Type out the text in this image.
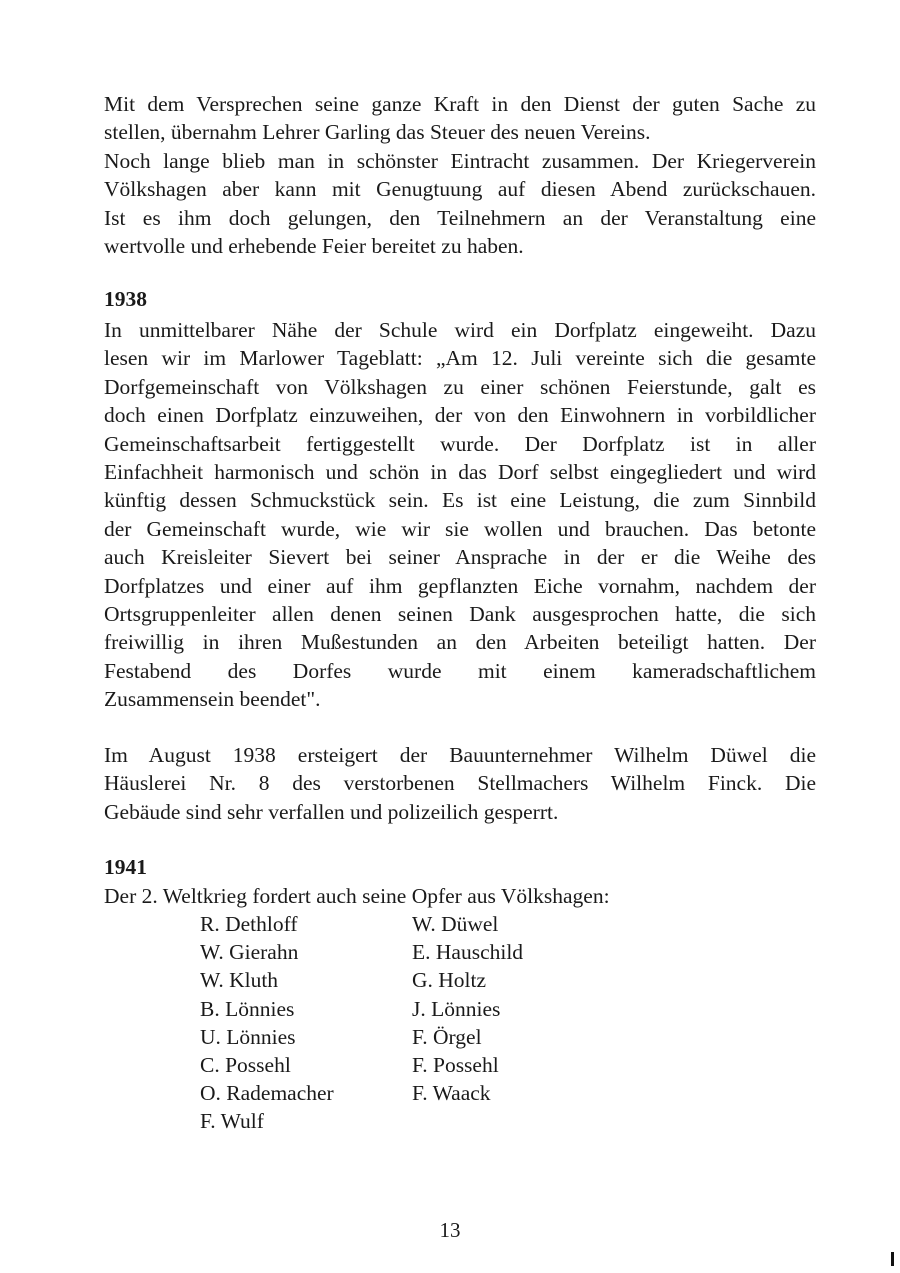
Mit dem Versprechen seine ganze Kraft in den Dienst der guten Sache zu
stellen, übernahm Lehrer Garling das Steuer des neuen Vereins.
Noch lange blieb man in schönster Eintracht zusammen. Der Kriegerverein
Völkshagen aber kann mit Genugtuung auf diesen Abend zurückschauen.
Ist es ihm doch gelungen, den Teilnehmern an der Veranstaltung eine
wertvolle und erhebende Feier bereitet zu haben.

1938

In unmittelbarer Nähe der Schule wird ein Dorfplatz eingeweiht. Dazu
lesen wir im Marlower Tageblatt: „Am 12. Juli vereinte sich die gesamte
Dorfgemeinschaft von Völkshagen zu einer schönen Feierstunde, galt es
doch einen Dorfplatz einzuweihen, der von den Einwohnern in vorbildlicher
Gemeinschaftsarbeit fertiggestellt wurde. Der Dorfplatz ist in aller
Einfachheit harmonisch und schön in das Dorf selbst eingegliedert und wird
künftig dessen Schmuckstück sein. Es ist eine Leistung, die zum Sinnbild
der Gemeinschaft wurde, wie wir sie wollen und brauchen. Das betonte
auch Kreisleiter Sievert bei seiner Ansprache in der er die Weihe des
Dorfplatzes und einer auf ihm gepflanzten Eiche vornahm, nachdem der
Ortsgruppenleiter allen denen seinen Dank ausgesprochen hatte, die sich
freiwillig in ihren Mußestunden an den Arbeiten beteiligt hatten. Der
Festabend des Dorfes wurde mit einem kameradschaftlichem
Zusammensein beendet".
Im August 1938 ersteigert der Bauunternehmer Wilhelm Düwel die
Häuslerei Nr. 8 des verstorbenen Stellmachers Wilhelm Finck. Die
Gebäude sind sehr verfallen und polizeilich gesperrt.

1941

Der 2. Weltkrieg fordert auch seine Opfer aus Völkshagen:

R. Dethloff
W. Gierahn
W. Kluth
B. Lönnies
U. Lönnies
C. Possehl
O. Rademacher
F. Wulf
W. Düwel
E. Hauschild
G. Holtz
J. Lönnies
F. Örgel
F. Possehl
F. Waack
13
